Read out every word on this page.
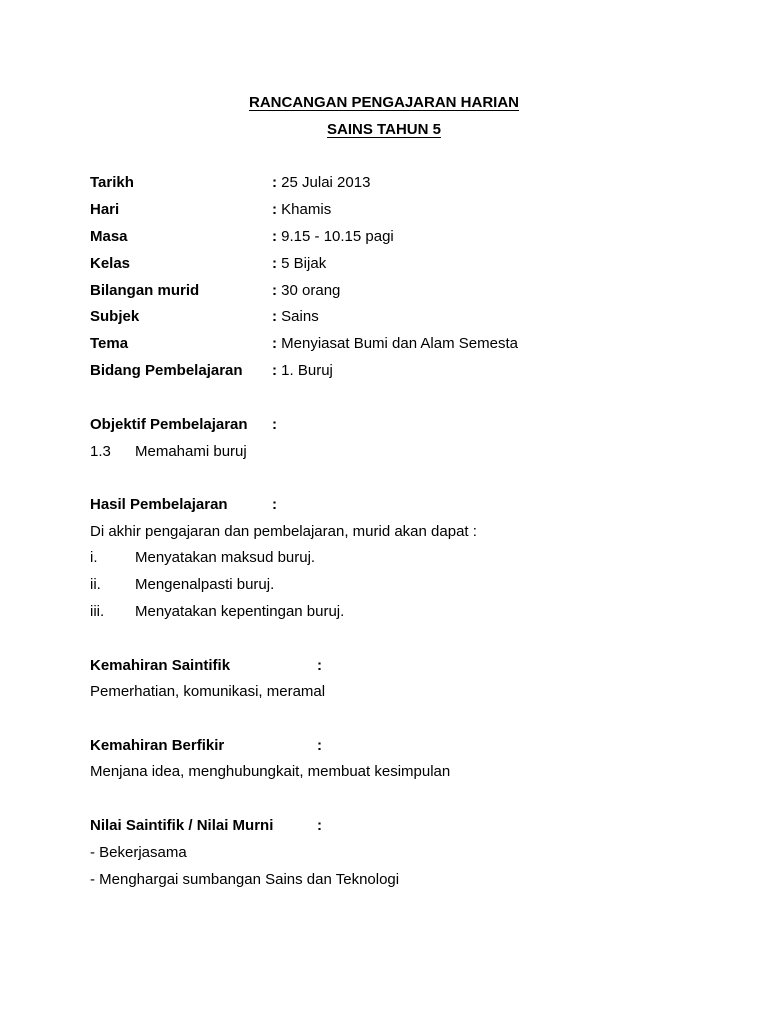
RANCANGAN PENGAJARAN HARIAN
SAINS TAHUN 5
Tarikh	: 25 Julai 2013
Hari	: Khamis
Masa	: 9.15 - 10.15 pagi
Kelas	: 5 Bijak
Bilangan murid	: 30 orang
Subjek	: Sains
Tema	: Menyiasat Bumi dan Alam Semesta
Bidang Pembelajaran : 1. Buruj
Objektif Pembelajaran :
1.3 Memahami buruj
Hasil Pembelajaran	:
Di akhir pengajaran dan pembelajaran, murid akan dapat :
i.	Menyatakan maksud buruj.
ii. Mengenalpasti buruj.
iii. Menyatakan kepentingan buruj.
Kemahiran Saintifik	:
Pemerhatian, komunikasi, meramal
Kemahiran Berfikir	:
Menjana idea, menghubungkait, membuat kesimpulan
Nilai Saintifik / Nilai Murni	:
- Bekerjasama
- Menghargai sumbangan Sains dan Teknologi
